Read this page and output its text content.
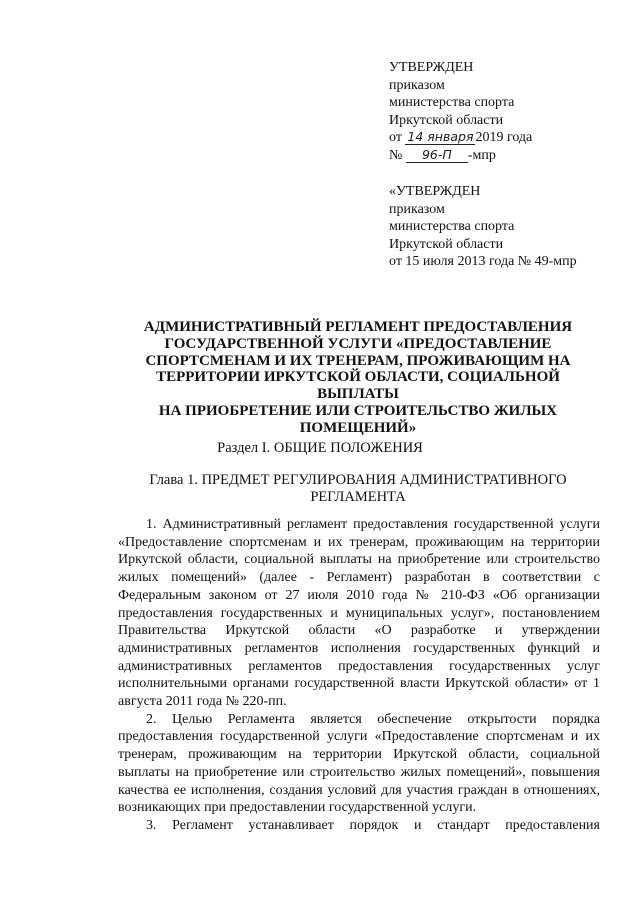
УТВЕРЖДЕН
приказом
министерства спорта
Иркутской области
от 14 января 2019 года
№ 96-П -мпр
«УТВЕРЖДЕН
приказом
министерства спорта
Иркутской области
от 15 июля 2013 года № 49-мпр
АДМИНИСТРАТИВНЫЙ РЕГЛАМЕНТ ПРЕДОСТАВЛЕНИЯ
ГОСУДАРСТВЕННОЙ УСЛУГИ «ПРЕДОСТАВЛЕНИЕ
СПОРТСМЕНАМ И ИХ ТРЕНЕРАМ, ПРОЖИВАЮЩИМ НА
ТЕРРИТОРИИ ИРКУТСКОЙ ОБЛАСТИ, СОЦИАЛЬНОЙ ВЫПЛАТЫ
НА ПРИОБРЕТЕНИЕ ИЛИ СТРОИТЕЛЬСТВО ЖИЛЫХ
ПОМЕЩЕНИЙ»
Раздел I. ОБЩИЕ ПОЛОЖЕНИЯ
Глава 1. ПРЕДМЕТ РЕГУЛИРОВАНИЯ АДМИНИСТРАТИВНОГО
РЕГЛАМЕНТА

1. Административный регламент предоставления государственной услуги «Предоставление спортсменам и их тренерам, проживающим на территории Иркутской области, социальной выплаты на приобретение или строительство жилых помещений» (далее - Регламент) разработан в соответствии с Федеральным законом от 27 июля 2010 года № 210-ФЗ «Об организации предоставления государственных и муниципальных услуг», постановлением Правительства Иркутской области «О разработке и утверждении административных регламентов исполнения государственных функций и административных регламентов предоставления государственных услуг исполнительными органами государственной власти Иркутской области» от 1 августа 2011 года № 220-пп.

2. Целью Регламента является обеспечение открытости порядка предоставления государственной услуги «Предоставление спортсменам и их тренерам, проживающим на территории Иркутской области, социальной выплаты на приобретение или строительство жилых помещений», повышения качества ее исполнения, создания условий для участия граждан в отношениях, возникающих при предоставлении государственной услуги.

3. Регламент устанавливает порядок и стандарт предоставления
